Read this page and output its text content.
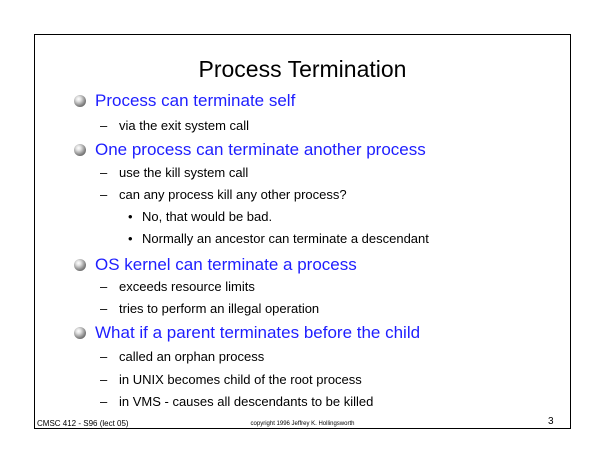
Process Termination
Process can terminate self
– via the exit system call
One process can terminate another process
– use the kill system call
– can any process kill any other process?
• No, that would be bad.
• Normally an ancestor can terminate a descendant
OS kernel can terminate a process
– exceeds resource limits
– tries to perform an illegal operation
What if a parent terminates before the child
– called an orphan process
– in UNIX becomes child of the root process
– in VMS - causes all descendants to be killed
CMSC 412 - S96 (lect 05)	copyright 1996 Jeffrey K. Hollingsworth	3
